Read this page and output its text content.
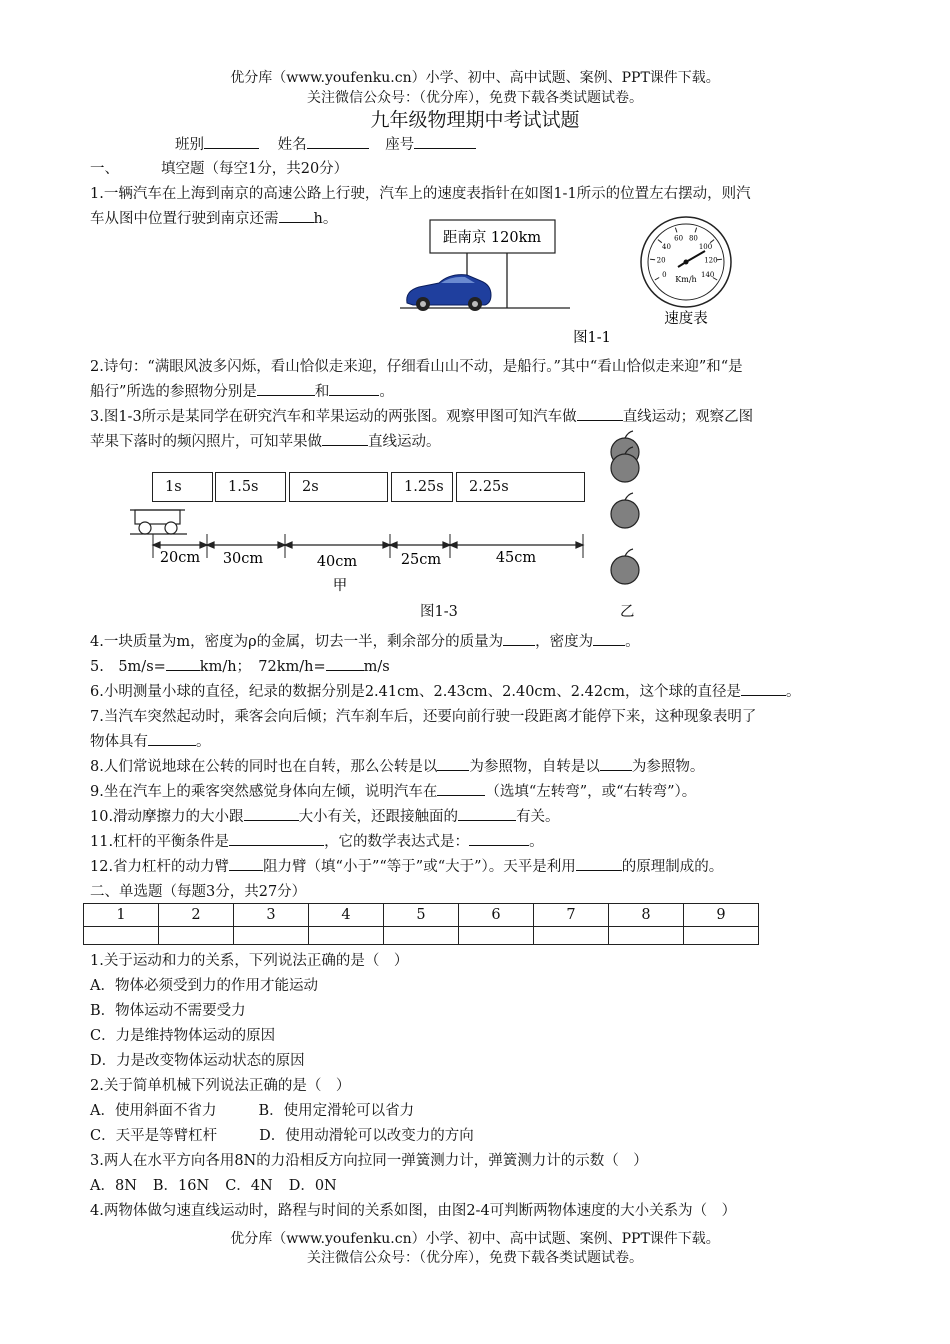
优分库（www.youfenku.cn）小学、初中、高中试题、案例、PPT课件下载。
关注微信公众号：（优分库），免费下载各类试题试卷。
九年级物理期中考试试题
班别	姓名	座号
一、	填空题（每空1分，共20分）
1.一辆汽车在上海到南京的高速公路上行驶，汽车上的速度表指针在如图1-1所示的位置左右摆动，则汽
车从图中位置行驶到南京还需 h。
距南京 120km
0
20
40
60 80
100
120
140
Km/h
速度表
图1-1
2.诗句：“满眼风波多闪烁，看山恰似走来迎，仔细看山山不动，是船行。”其中“看山恰似走来迎”和“是
船行”所选的参照物分别是	和	。
3.图1-3所示是某同学在研究汽车和苹果运动的两张图。观察甲图可知汽车做	直线运动；观察乙图
苹果下落时的频闪照片，可知苹果做	直线运动。
1s	1.5s	2s	1.25s	2.25s
20cm 30cm	40cm	25cm	45cm
甲
图1-3	乙
4.一块质量为m，密度为ρ的金属，切去一半，剩余部分的质量为 ，密度为 。
5.　5m/s= km/h；　72km/h=	m/s
6.小明测量小球的直径，纪录的数据分别是2.41cm、2.43cm、2.40cm、2.42cm，这个球的直径是	。
7.当汽车突然起动时，乘客会向后倾；汽车刹车后，还要向前行驶一段距离才能停下来，这种现象表明了
物体具有	。
8.人们常说地球在公转的同时也在自转，那么公转是以 为参照物，自转是以 为参照物。
9.坐在汽车上的乘客突然感觉身体向左倾，说明汽车在	（选填“左转弯”，或“右转弯”）。
10.滑动摩擦力的大小跟	大小有关，还跟接触面的	有关。
11.杠杆的平衡条件是	，它的数学表达式是：	。
12.省力杠杆的动力臂 阻力臂（填“小于”“等于”或“大于”）。天平是利用	的原理制成的。
二、单选题（每题3分，共27分）
1	2	3	4	5	6	7	8	9

1.关于运动和力的关系，下列说法正确的是（　）
A．物体必须受到力的作用才能运动
B．物体运动不需要受力
C．力是维持物体运动的原因
D．力是改变物体运动状态的原因
2.关于简单机械下列说法正确的是（　）
A．使用斜面不省力	B．使用定滑轮可以省力
C．天平是等臂杠杆	D．使用动滑轮可以改变力的方向
3.两人在水平方向各用8N的力沿相反方向拉同一弹簧测力计，弹簧测力计的示数（　）
A．8N B．16N C．4N D．0N
4.两物体做匀速直线运动时，路程与时间的关系如图，由图2-4可判断两物体速度的大小关系为（　）
优分库（www.youfenku.cn）小学、初中、高中试题、案例、PPT课件下载。
关注微信公众号：（优分库），免费下载各类试题试卷。
